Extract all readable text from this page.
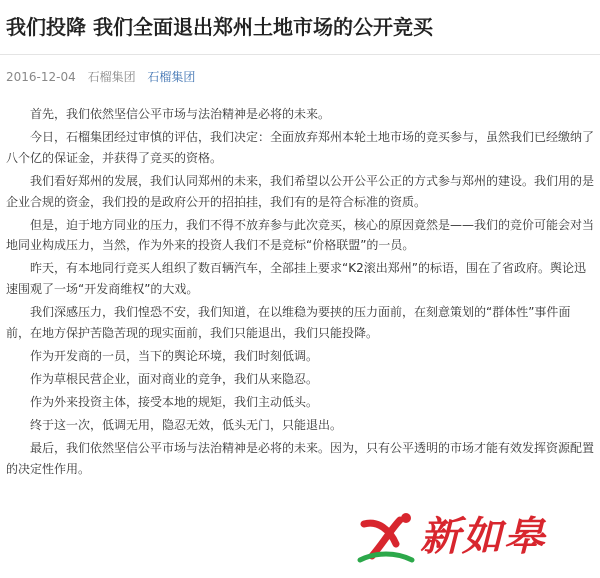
我们投降 我们全面退出郑州土地市场的公开竞买
2016-12-04 石榴集团 石榴集团

首先，我们依然坚信公平市场与法治精神是必将的未来。

今日，石榴集团经过审慎的评估，我们决定：全面放弃郑州本轮土地市场的竞买参与，虽然我们已经缴纳了八个亿的保证金，并获得了竞买的资格。

我们看好郑州的发展，我们认同郑州的未来，我们希望以公开公平公正的方式参与郑州的建设。我们用的是企业合规的资金，我们投的是政府公开的招拍挂，我们有的是符合标准的资质。

但是，迫于地方同业的压力，我们不得不放弃参与此次竞买，核心的原因竟然是——我们的竞价可能会对当地同业构成压力，当然，作为外来的投资人我们不是竞标“价格联盟”的一员。

昨天，有本地同行竞买人组织了数百辆汽车，全部挂上要求“K2滚出郑州”的标语，围在了省政府。舆论迅速围观了一场“开发商维权”的大戏。

我们深感压力，我们惶恐不安，我们知道，在以维稳为要挟的压力面前，在刻意策划的“群体性”事件面前，在地方保护苦隐苦现的现实面前，我们只能退出，我们只能投降。

作为开发商的一员，当下的舆论环境，我们时刻低调。

作为草根民营企业，面对商业的竞争，我们从来隐忍。

作为外来投资主体，接受本地的规矩，我们主动低头。

终于这一次，低调无用，隐忍无效，低头无门，只能退出。

最后，我们依然坚信公平市场与法治精神是必将的未来。因为，只有公平透明的市场才能有效发挥资源配置的决定性作用。

新如皋
